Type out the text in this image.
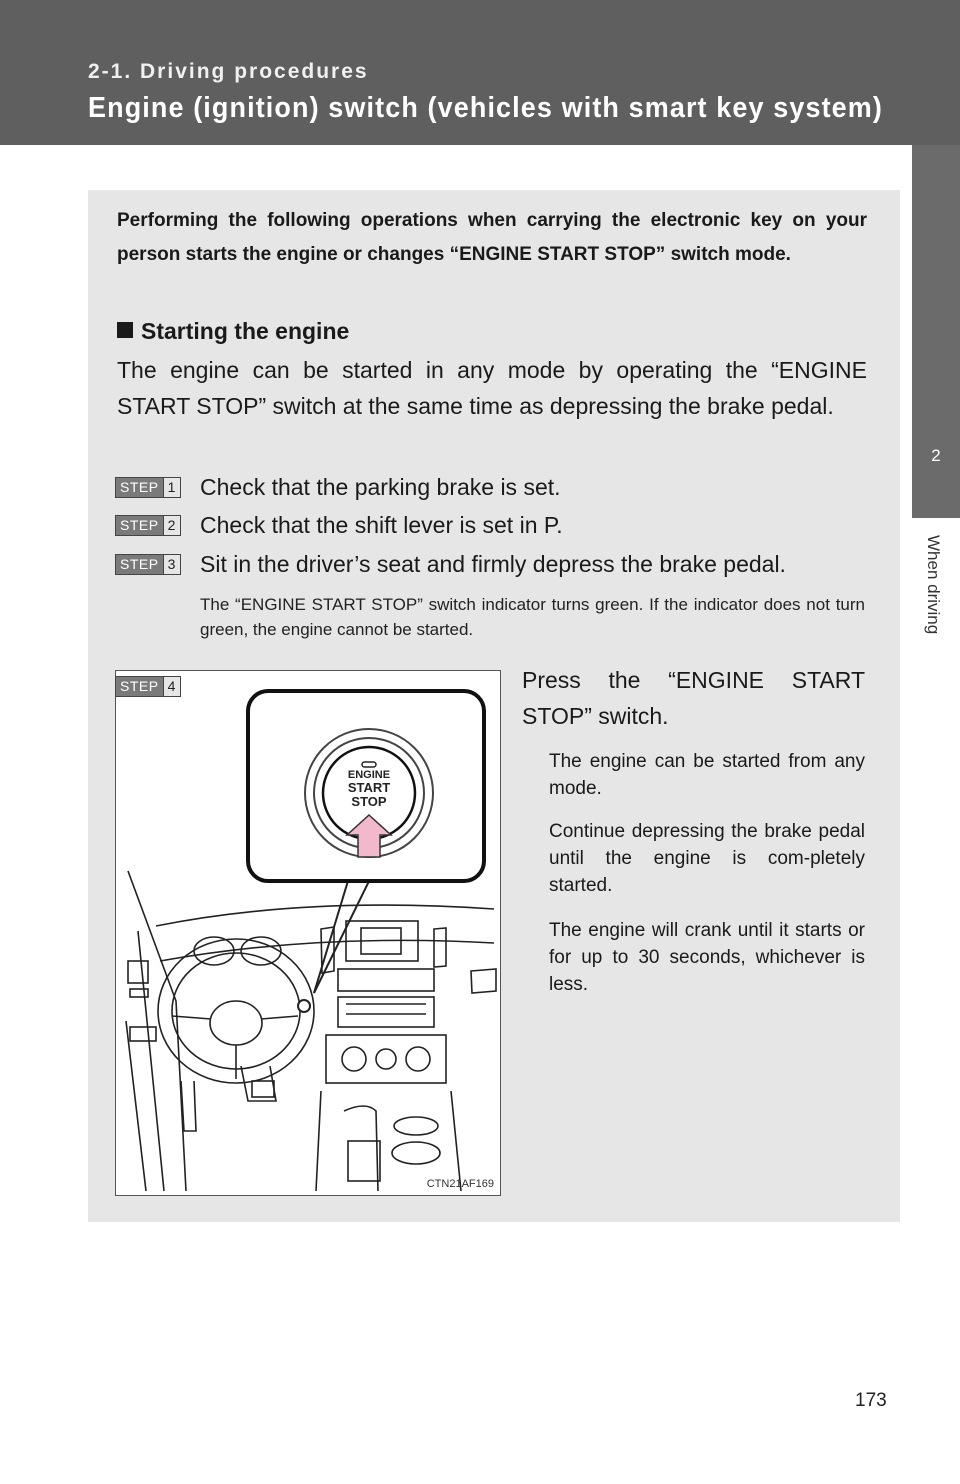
2-1. Driving procedures
Engine (ignition) switch (vehicles with smart key system)
2
When driving

Performing the following operations when carrying the electronic key on your person starts the engine or changes “ENGINE START STOP” switch mode.

Starting the engine

The engine can be started in any mode by operating the “ENGINE START STOP” switch at the same time as depressing the brake pedal.

STEP 1 Check that the parking brake is set.
STEP 2 Check that the shift lever is set in P.
STEP 3 Sit in the driver’s seat and firmly depress the brake pedal.

The “ENGINE START STOP” switch indicator turns green. If the indicator does not turn green, the engine cannot be started.

ENGINE
START
STOP
CTN21AF169
STEP 4	Press the “ENGINE START STOP” switch.

The engine can be started from any mode.

Continue depressing the brake pedal until the engine is com-pletely started.

The engine will crank until it starts or for up to 30 seconds, whichever is less.

173
